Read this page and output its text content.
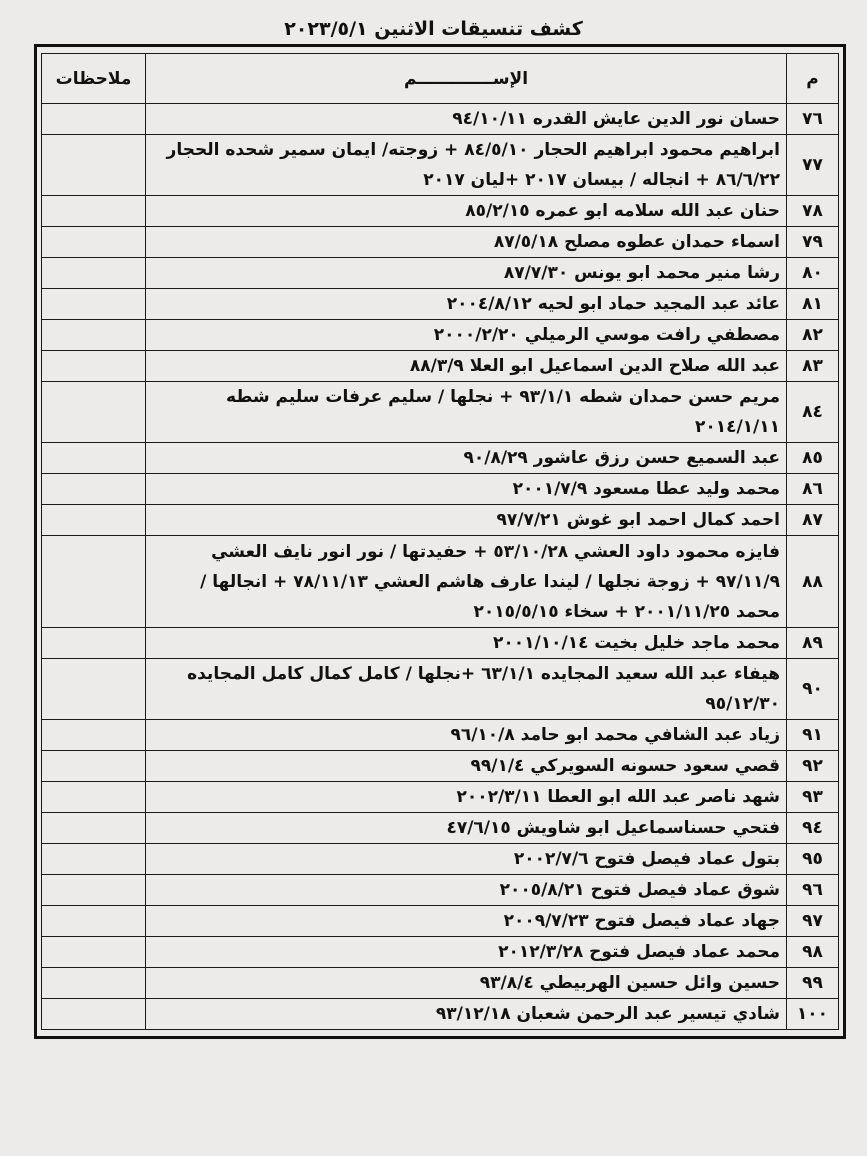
كشف تنسيقات الاثنين ٢٠٢٣/٥/١
م	الإســـــــــــــم	ملاحظات
٧٦	حسان نور الدين عايش القدره ٩٤/١٠/١١	
٧٧	ابراهيم محمود ابراهيم الحجار ٨٤/٥/١٠ + زوجته/ ايمان سمير شحده الحجار ٨٦/٦/٢٢ + انجاله / بيسان ٢٠١٧ +ليان ٢٠١٧	
٧٨	حنان عبد الله سلامه ابو عمره ٨٥/٢/١٥	
٧٩	اسماء حمدان عطوه مصلح ٨٧/٥/١٨	
٨٠	رشا منير محمد ابو يونس ٨٧/٧/٣٠	
٨١	عائد عبد المجيد حماد ابو لحيه ٢٠٠٤/٨/١٢	
٨٢	مصطفي رافت موسي الرميلي ٢٠٠٠/٢/٢٠	
٨٣	عبد الله صلاح الدين اسماعيل ابو العلا ٨٨/٣/٩	
٨٤	مريم حسن حمدان شطه ٩٣/١/١ + نجلها / سليم عرفات سليم شطه ٢٠١٤/١/١١	
٨٥	عبد السميع حسن رزق عاشور ٩٠/٨/٢٩	
٨٦	محمد وليد عطا مسعود ٢٠٠١/٧/٩	
٨٧	احمد كمال احمد ابو غوش ٩٧/٧/٢١	
٨٨	فايزه محمود داود العشي ٥٣/١٠/٢٨ + حفيدتها / نور انور نايف العشي ٩٧/١١/٩ + زوجة نجلها / ليندا عارف هاشم العشي ٧٨/١١/١٣ + انجالها / محمد ٢٠٠١/١١/٢٥ + سخاء ٢٠١٥/٥/١٥	
٨٩	محمد ماجد خليل بخيت ٢٠٠١/١٠/١٤	
٩٠	هيفاء عبد الله سعيد المجايده ٦٣/١/١ +نجلها / كامل كمال كامل المجايده ٩٥/١٢/٣٠	
٩١	زياد عبد الشافي محمد ابو حامد ٩٦/١٠/٨	
٩٢	قصي سعود حسونه السويركي ٩٩/١/٤	
٩٣	شهد ناصر عبد الله ابو العطا ٢٠٠٢/٣/١١	
٩٤	فتحي حسناسماعيل ابو شاويش ٤٧/٦/١٥	
٩٥	بتول عماد فيصل فتوح ٢٠٠٢/٧/٦	
٩٦	شوق عماد فيصل فتوح ٢٠٠٥/٨/٢١	
٩٧	جهاد عماد فيصل فتوح ٢٠٠٩/٧/٢٣	
٩٨	محمد عماد فيصل فتوح ٢٠١٢/٣/٢٨	
٩٩	حسين وائل حسين الهربيطي ٩٣/٨/٤	
١٠٠	شادي تيسير عبد الرحمن شعبان ٩٣/١٢/١٨	
